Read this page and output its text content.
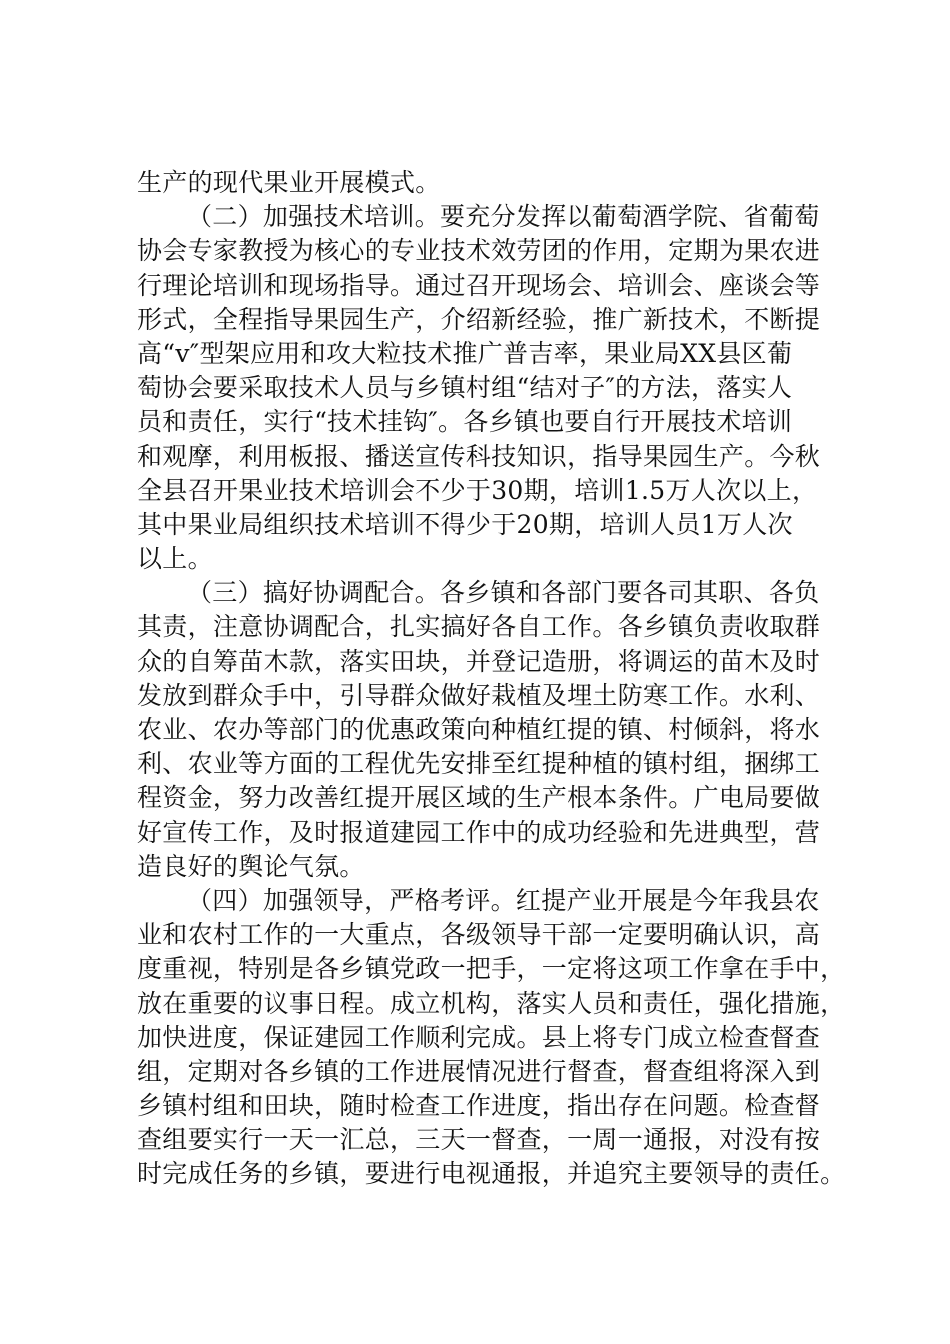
生产的现代果业开展模式。
（二）加强技术培训。要充分发挥以葡萄酒学院、省葡萄
协会专家教授为核心的专业技术效劳团的作用，定期为果农进
行理论培训和现场指导。通过召开现场会、培训会、座谈会等
形式，全程指导果园生产，介绍新经验，推广新技术，不断提
高“v″型架应用和攻大粒技术推广普吉率，果业局XX县区葡
萄协会要采取技术人员与乡镇村组“结对子″的方法，落实人
员和责任，实行“技术挂钩″。各乡镇也要自行开展技术培训
和观摩，利用板报、播送宣传科技知识，指导果园生产。今秋
全县召开果业技术培训会不少于30期，培训1.5万人次以上，
其中果业局组织技术培训不得少于20期，培训人员1万人次
以上。
（三）搞好协调配合。各乡镇和各部门要各司其职、各负
其责，注意协调配合，扎实搞好各自工作。各乡镇负责收取群
众的自筹苗木款，落实田块，并登记造册，将调运的苗木及时
发放到群众手中，引导群众做好栽植及埋土防寒工作。水利、
农业、农办等部门的优惠政策向种植红提的镇、村倾斜，将水
利、农业等方面的工程优先安排至红提种植的镇村组，捆绑工
程资金，努力改善红提开展区域的生产根本条件。广电局要做
好宣传工作，及时报道建园工作中的成功经验和先进典型，营
造良好的舆论气氛。
（四）加强领导，严格考评。红提产业开展是今年我县农
业和农村工作的一大重点，各级领导干部一定要明确认识，高
度重视，特别是各乡镇党政一把手，一定将这项工作拿在手中，
放在重要的议事日程。成立机构，落实人员和责任，强化措施，
加快进度，保证建园工作顺利完成。县上将专门成立检查督查
组，定期对各乡镇的工作进展情况进行督查，督查组将深入到
乡镇村组和田块，随时检查工作进度，指出存在问题。检查督
查组要实行一天一汇总，三天一督查，一周一通报，对没有按
时完成任务的乡镇，要进行电视通报，并追究主要领导的责任。
